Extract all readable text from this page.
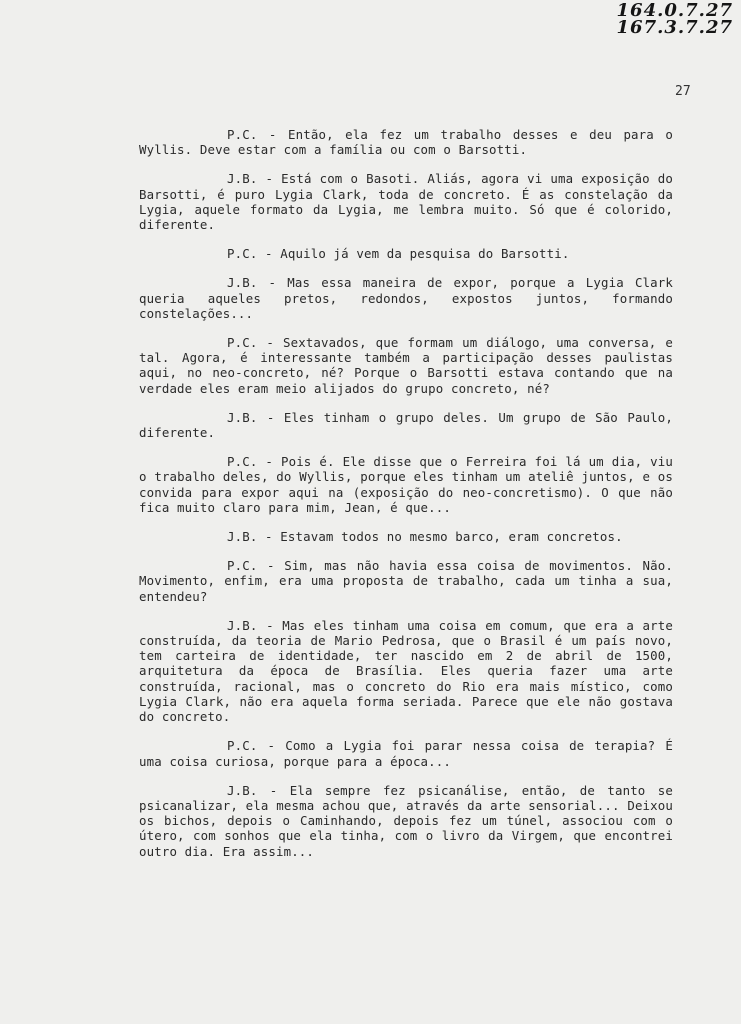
164.0.7.27
167.3.7.27
27

P.C. - Então, ela fez um trabalho desses e deu para o Wyllis. Deve estar com a família ou com o Barsotti.

J.B. - Está com o Basoti. Aliás, agora vi uma exposição do Barsotti, é puro Lygia Clark, toda de concreto. É as constelação da Lygia, aquele formato da Lygia, me lembra muito. Só que é colorido, diferente.

P.C. - Aquilo já vem da pesquisa do Barsotti.

J.B. - Mas essa maneira de expor, porque a Lygia Clark queria aqueles pretos, redondos, expostos juntos, formando constelações...

P.C. - Sextavados, que formam um diálogo, uma conversa, e tal. Agora, é interessante também a participação desses paulistas aqui, no neo-concreto, né? Porque o Barsotti estava contando que na verdade eles eram meio alijados do grupo concreto, né?

J.B. - Eles tinham o grupo deles. Um grupo de São Paulo, diferente.

P.C. - Pois é. Ele disse que o Ferreira foi lá um dia, viu o trabalho deles, do Wyllis, porque eles tinham um ateliê juntos, e os convida para expor aqui na (exposição do neo-concretismo). O que não fica muito claro para mim, Jean, é que...

J.B. - Estavam todos no mesmo barco, eram concretos.

P.C. - Sim, mas não havia essa coisa de movimentos. Não. Movimento, enfim, era uma proposta de trabalho, cada um tinha a sua, entendeu?

J.B. - Mas eles tinham uma coisa em comum, que era a arte construída, da teoria de Mario Pedrosa, que o Brasil é um país novo, tem carteira de identidade, ter nascido em 2 de abril de 1500, arquitetura da época de Brasília. Eles queria fazer uma arte construída, racional, mas o concreto do Rio era mais místico, como Lygia Clark, não era aquela forma seriada. Parece que ele não gostava do concreto.

P.C. - Como a Lygia foi parar nessa coisa de terapia? É uma coisa curiosa, porque para a época...

J.B. - Ela sempre fez psicanálise, então, de tanto se psicanalizar, ela mesma achou que, através da arte sensorial... Deixou os bichos, depois o Caminhando, depois fez um túnel, associou com o útero, com sonhos que ela tinha, com o livro da Virgem, que encontrei outro dia. Era assim...
